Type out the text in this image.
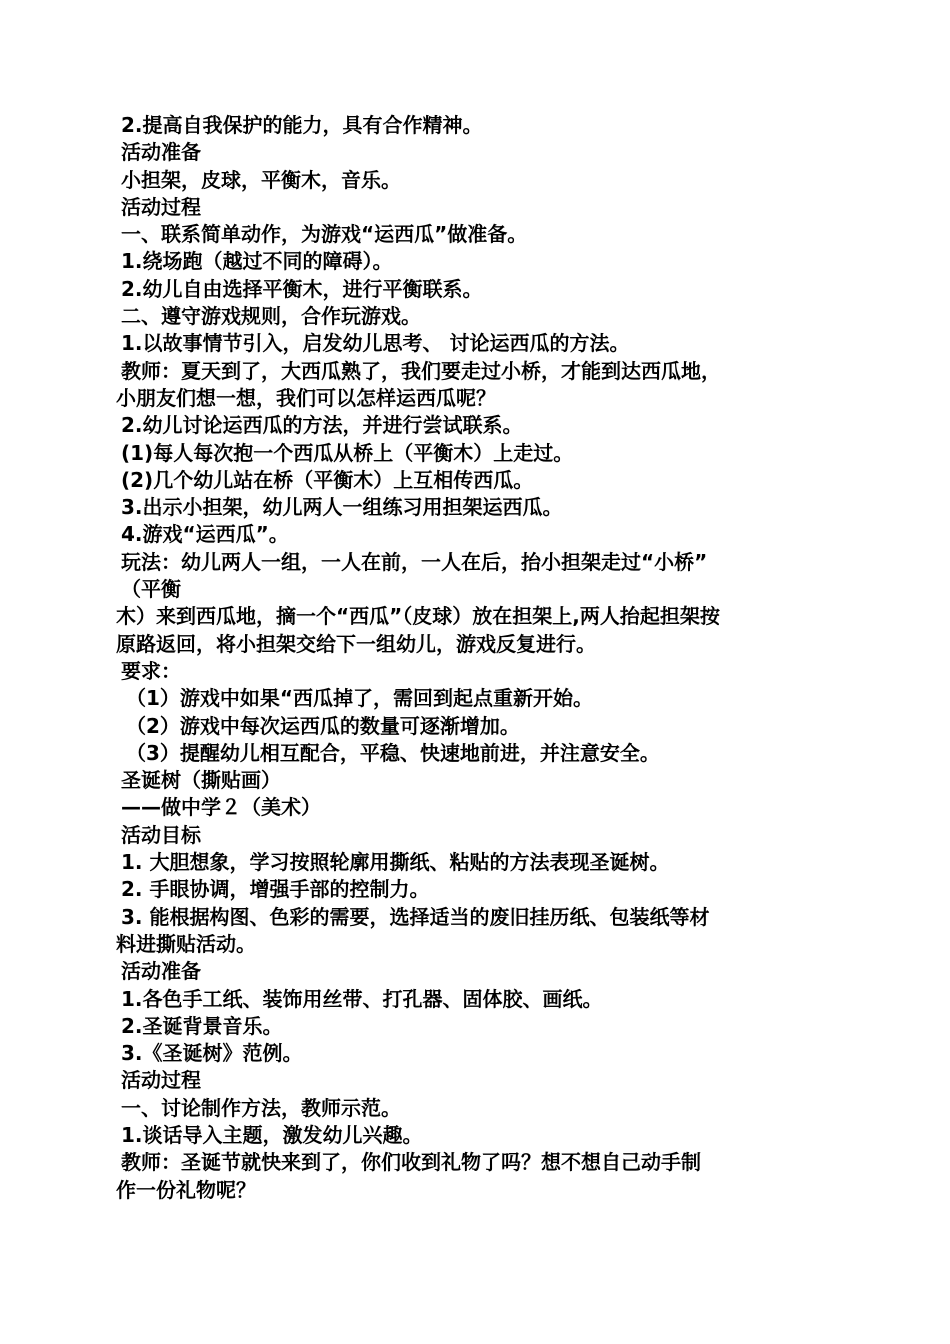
2.提高自我保护的能力，具有合作精神。
活动准备
小担架，皮球，平衡木，音乐。
活动过程
一、联系简单动作，为游戏“运西瓜”做准备。
1.绕场跑（越过不同的障碍）。
2.幼儿自由选择平衡木，进行平衡联系。
二、遵守游戏规则，合作玩游戏。
1.以故事情节引入，启发幼儿思考、 讨论运西瓜的方法。
教师：夏天到了，大西瓜熟了，我们要走过小桥，才能到达西瓜地，
小朋友们想一想，我们可以怎样运西瓜呢？
2.幼儿讨论运西瓜的方法，并进行尝试联系。
(1)每人每次抱一个西瓜从桥上（平衡木）上走过。
(2)几个幼儿站在桥（平衡木）上互相传西瓜。
3.出示小担架，幼儿两人一组练习用担架运西瓜。
4.游戏“运西瓜”。
玩法：幼儿两人一组，一人在前，一人在后，抬小担架走过“小桥”
（平衡
木）来到西瓜地，摘一个“西瓜”（皮球）放在担架上,两人抬起担架按
原路返回，将小担架交给下一组幼儿，游戏反复进行。
要求：
（1）游戏中如果“西瓜掉了，需回到起点重新开始。
（2）游戏中每次运西瓜的数量可逐渐增加。
（3）提醒幼儿相互配合，平稳、快速地前进，并注意安全。
圣诞树（撕贴画）
——做中学２（美术）
活动目标
1. 大胆想象，学习按照轮廓用撕纸、粘贴的方法表现圣诞树。
2. 手眼协调，增强手部的控制力。
3. 能根据构图、色彩的需要，选择适当的废旧挂历纸、包装纸等材
料进撕贴活动。
活动准备
1.各色手工纸、装饰用丝带、打孔器、固体胶、画纸。
2.圣诞背景音乐。
3.《圣诞树》范例。
活动过程
一、讨论制作方法，教师示范。
1.谈话导入主题，激发幼儿兴趣。
教师：圣诞节就快来到了，你们收到礼物了吗？想不想自己动手制
作一份礼物呢？
